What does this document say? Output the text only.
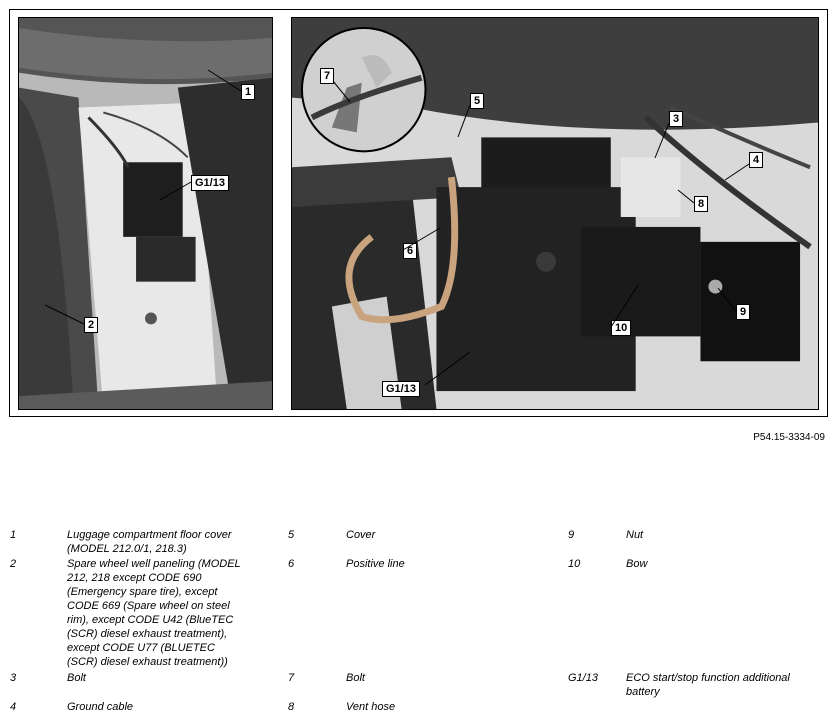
1
2
G1/13
7
5
3
4
8
6
9
10
G1/13
P54.15-3334-09
1	Luggage compartment floor cover
(MODEL 212.0/1, 218.3)
2	Spare wheel well paneling (MODEL
212, 218 except CODE 690
(Emergency spare tire), except
CODE 669 (Spare wheel on steel
rim), except CODE U42 (BlueTEC
(SCR) diesel exhaust treatment),
except CODE U77 (BLUETEC
(SCR) diesel exhaust treatment))
3	Bolt
4	Ground cable
5	Cover
6	Positive line
7	Bolt
8	Vent hose
9	Nut
10	Bow
G1/13	ECO start/stop function additional
battery
